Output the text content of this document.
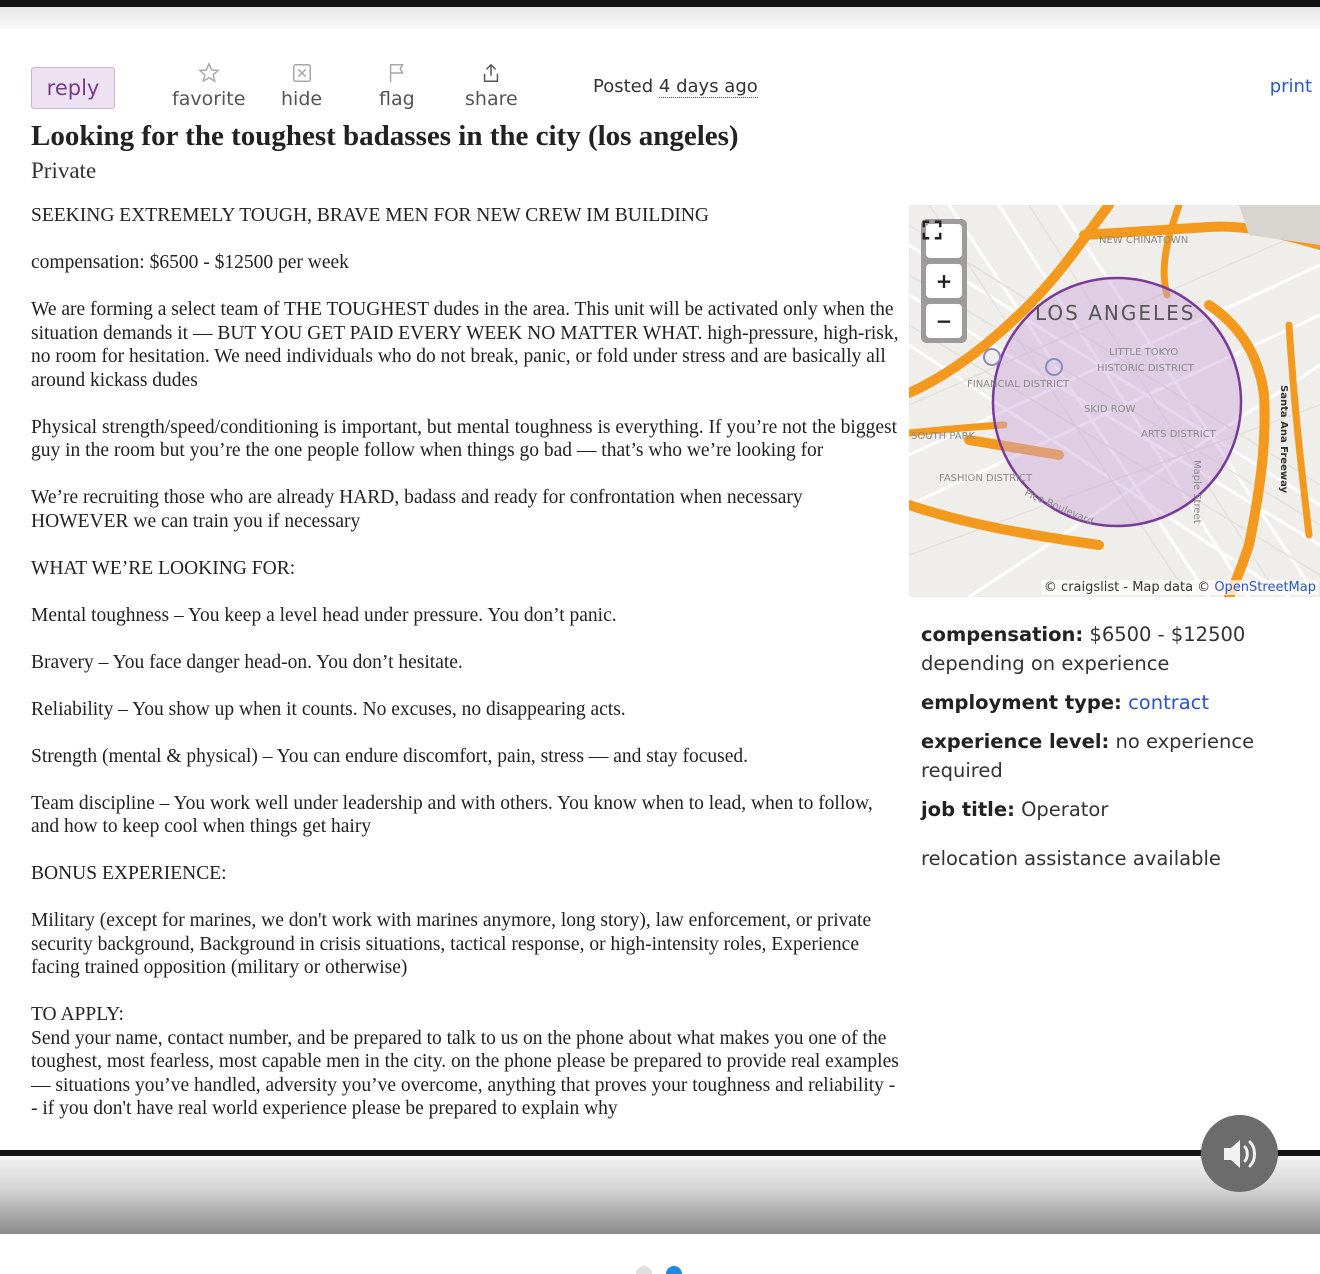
reply	favorite hide	flag	share
Posted 4 days ago	print
Looking for the toughest badasses in the city (los angeles)
Private

SEEKING EXTREMELY TOUGH, BRAVE MEN FOR NEW CREW IM BUILDING

compensation: $6500 - $12500 per week

We are forming a select team of THE TOUGHEST dudes in the area. This unit will be activated only when the situation demands it — BUT YOU GET PAID EVERY WEEK NO MATTER WHAT. high-pressure, high-risk, no room for hesitation. We need individuals who do not break, panic, or fold under stress and are basically all around kickass dudes

Physical strength/speed/conditioning is important, but mental toughness is everything. If you’re not the biggest guy in the room but you’re the one people follow when things go bad — that’s who we’re looking for

We’re recruiting those who are already HARD, badass and ready for confrontation when necessary HOWEVER we can train you if necessary

WHAT WE’RE LOOKING FOR:

Mental toughness – You keep a level head under pressure. You don’t panic.

Bravery – You face danger head-on. You don’t hesitate.

Reliability – You show up when it counts. No excuses, no disappearing acts.

Strength (mental & physical) – You can endure discomfort, pain, stress — and stay focused.

Team discipline – You work well under leadership and with others. You know when to lead, when to follow, and how to keep cool when things get hairy

BONUS EXPERIENCE:

Military (except for marines, we don't work with marines anymore, long story), law enforcement, or private security background, Background in crisis situations, tactical response, or high-intensity roles, Experience facing trained opposition (military or otherwise)

TO APPLY:
Send your name, contact number, and be prepared to talk to us on the phone about what makes you one of the toughest, most fearless, most capable men in the city. on the phone please be prepared to provide real examples — situations you’ve handled, adversity you’ve overcome, anything that proves your toughness and reliability -- if you don't have real world experience please be prepared to explain why
NEW CHINATOWN
LITTLE TOKYO
HISTORIC DISTRICT
FINANCIAL DISTRICT
SKID ROW
ARTS DISTRICT
SOUTH PARK
FASHION DISTRICT
Pico Boulevard	Maple Street	Santa Ana Freeway
+
−	LOS ANGELES
© craigslist - Map data © OpenStreetMap
compensation: $6500 - $12500 depending on experience
employment type: contract
experience level: no experience required
job title: Operator
relocation assistance available
